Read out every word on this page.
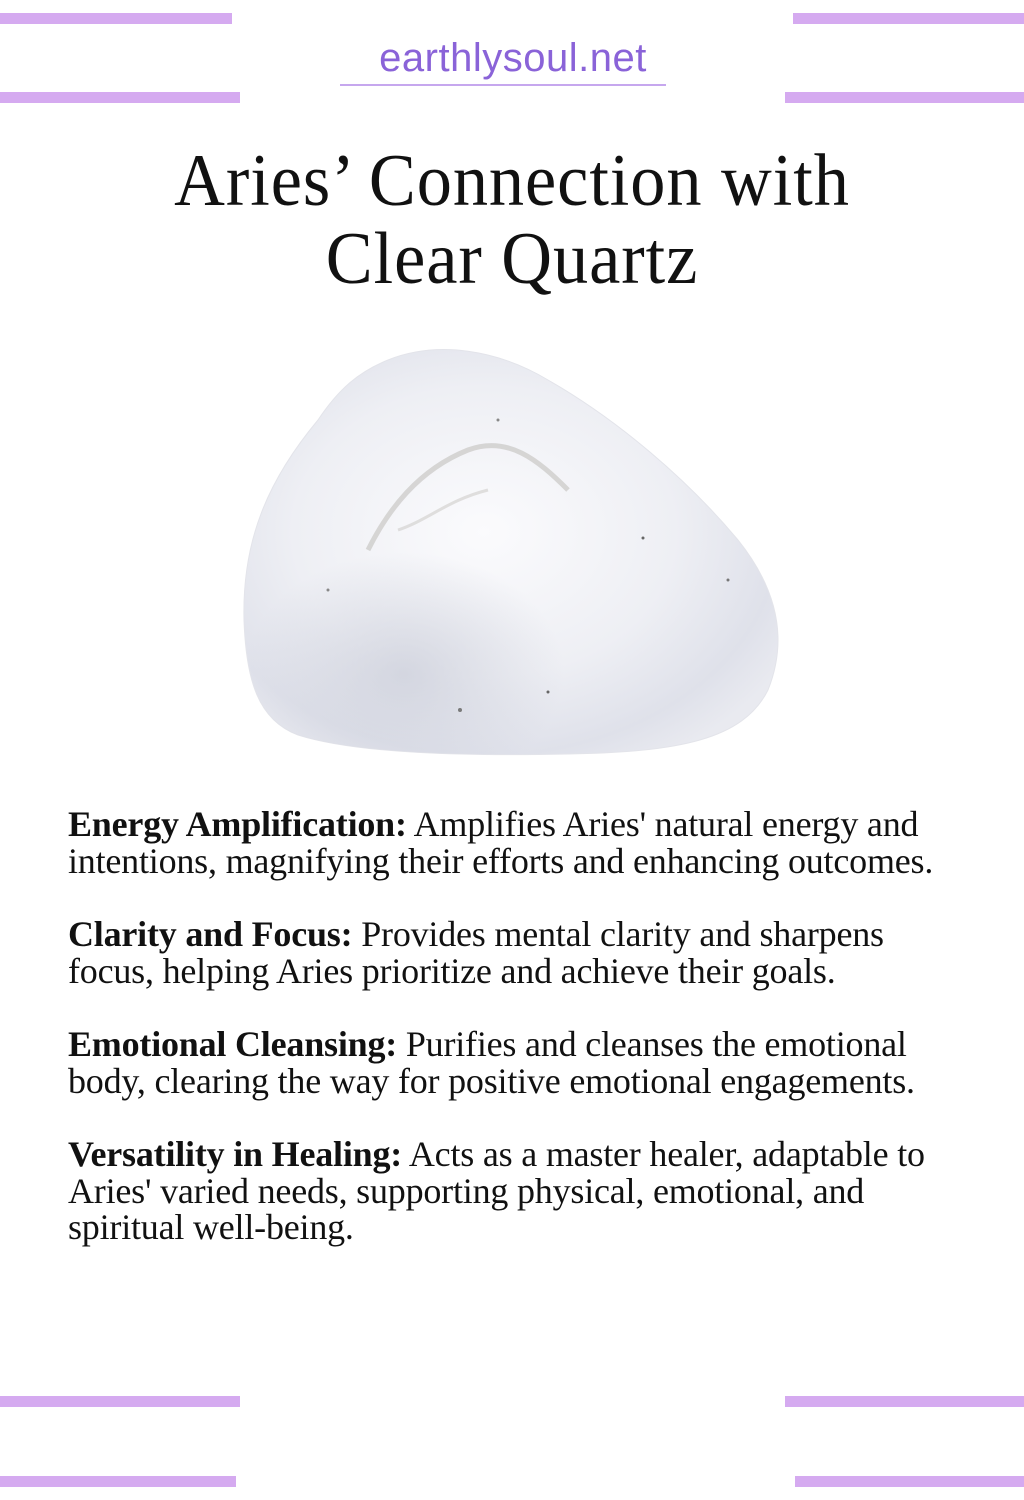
earthlysoul.net
Aries’ Connection with
Clear Quartz

Energy Amplification: Amplifies Aries' natural energy and intentions, magnifying their efforts and enhancing outcomes.

Clarity and Focus: Provides mental clarity and sharpens focus, helping Aries prioritize and achieve their goals.

Emotional Cleansing: Purifies and cleanses the emotional body, clearing the way for positive emotional engagements.

Versatility in Healing: Acts as a master healer, adaptable to Aries' varied needs, supporting physical, emotional, and spiritual well-being.
